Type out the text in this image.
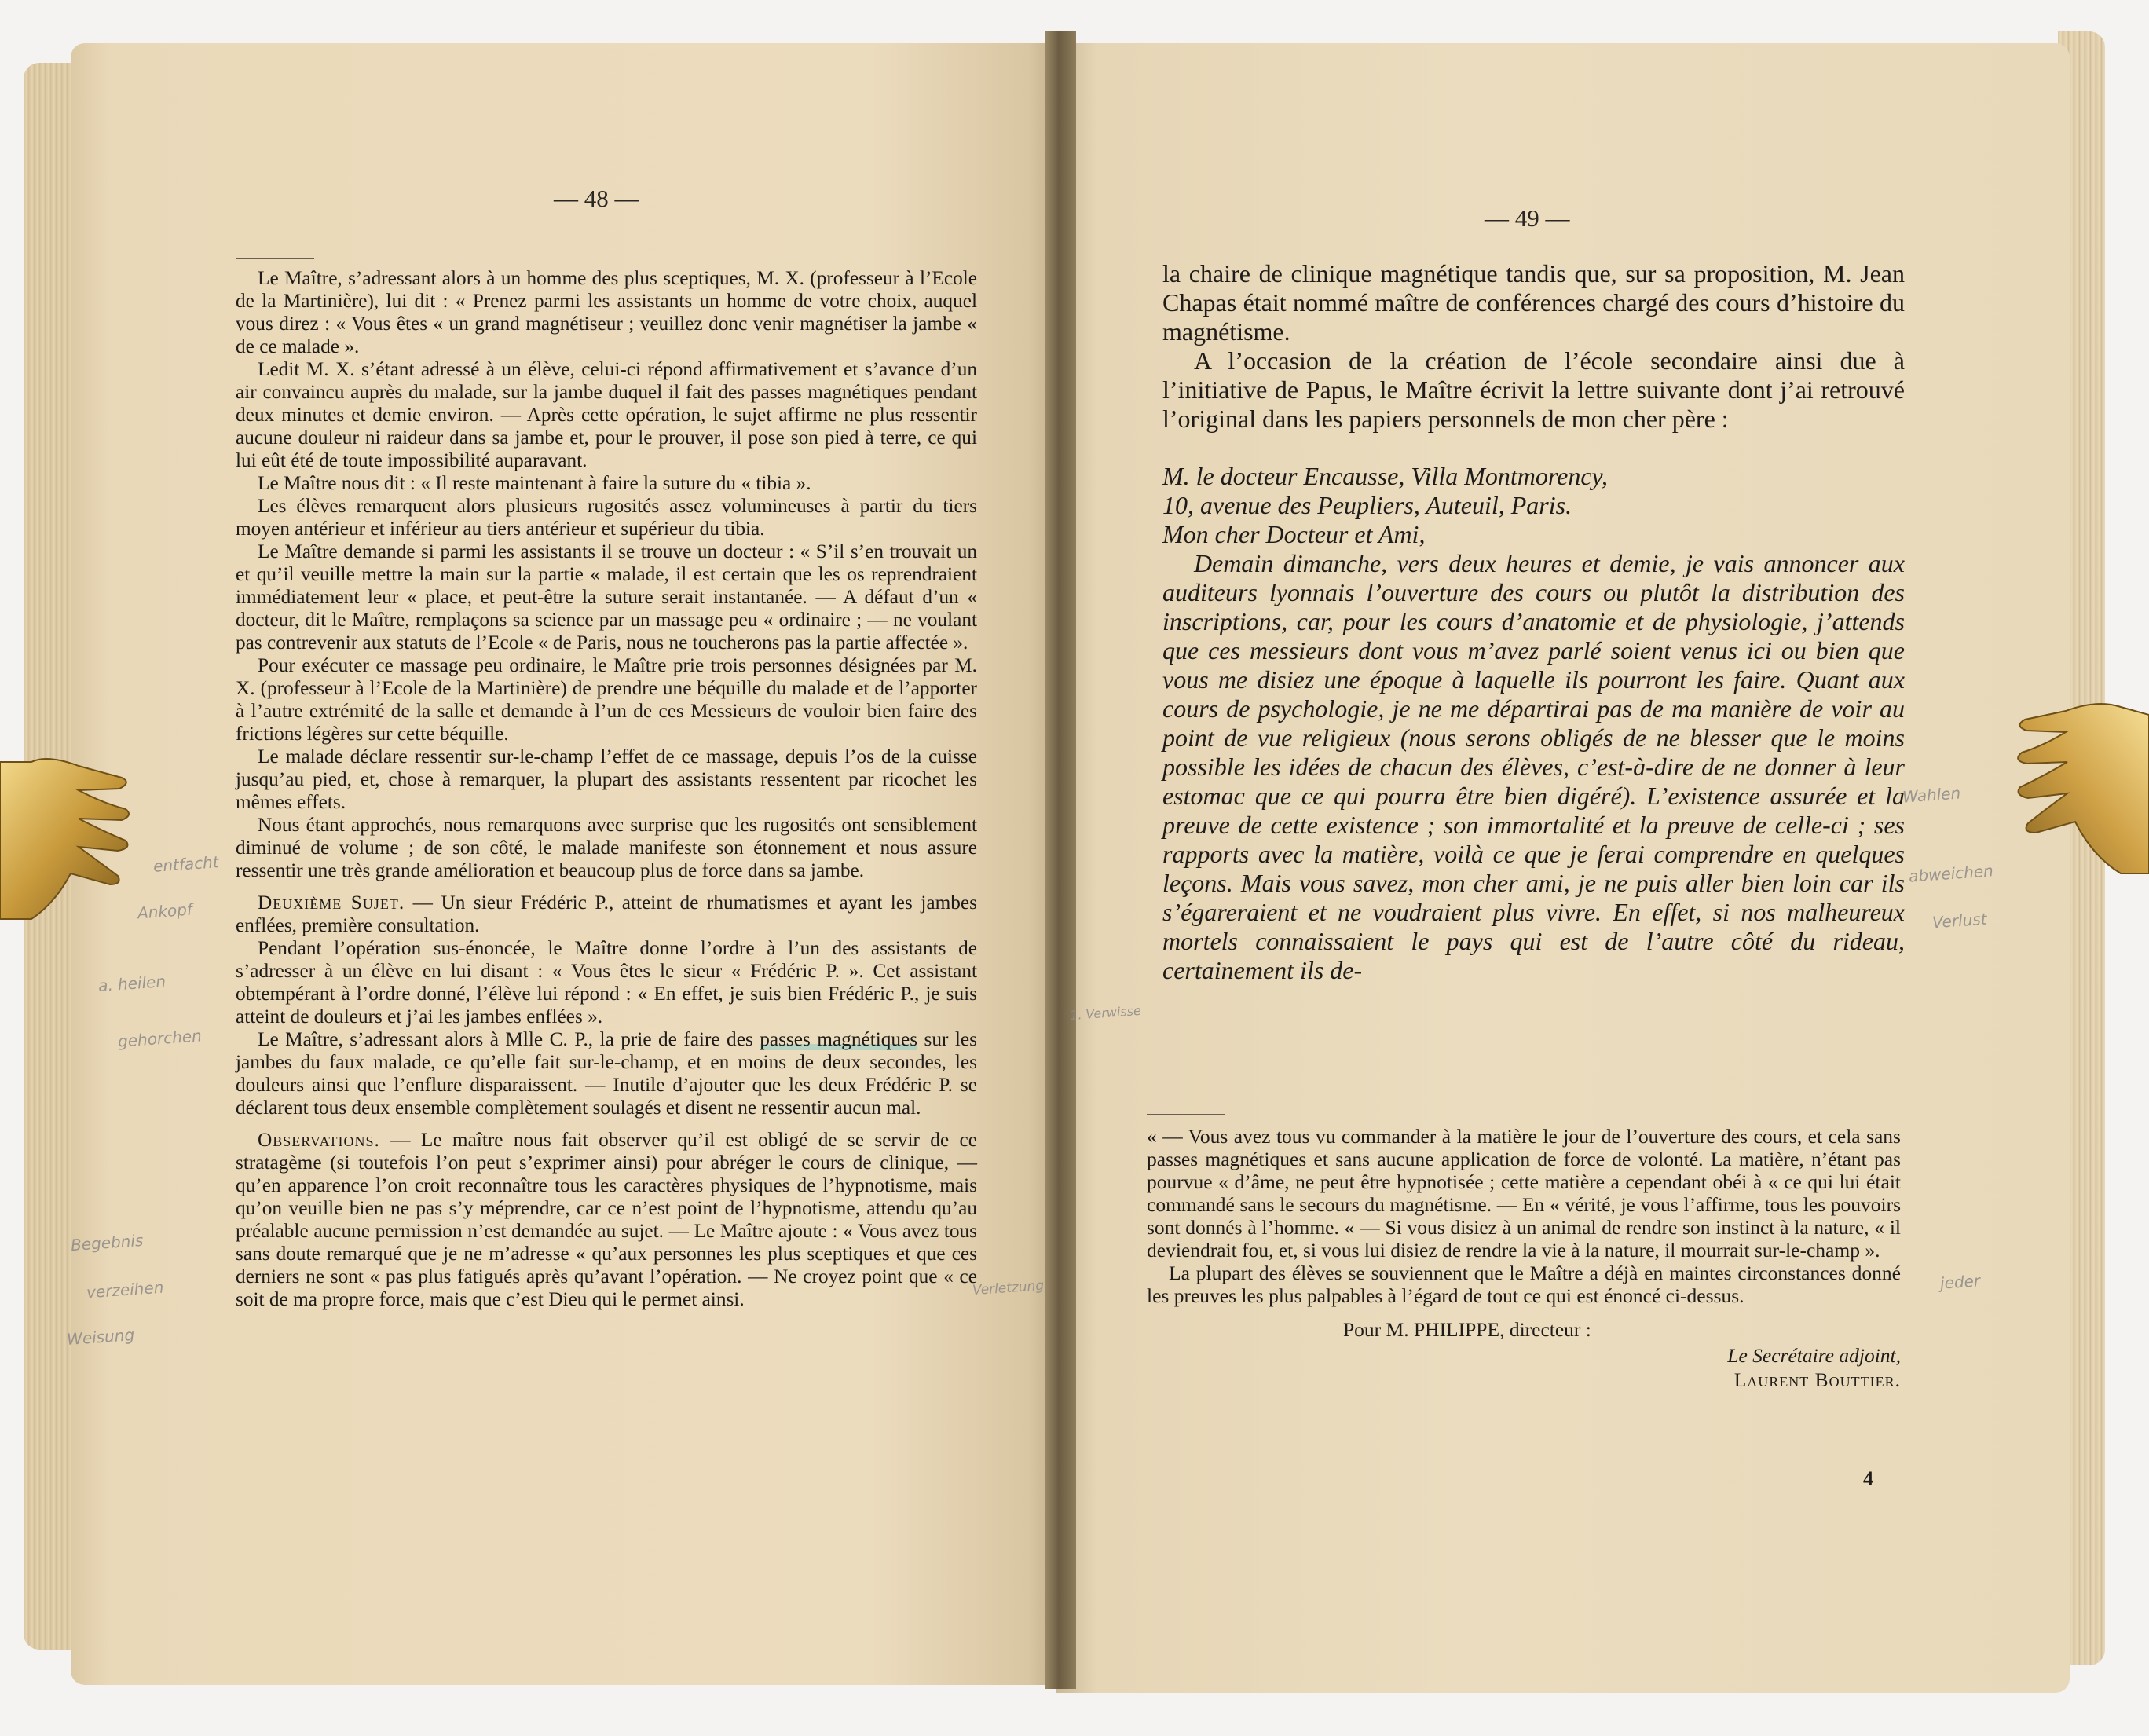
— 48 —

Le Maître, s’adressant alors à un homme des plus sceptiques, M. X. (professeur à l’Ecole de la Martinière), lui dit : « Prenez parmi les assistants un homme de votre choix, auquel vous direz : « Vous êtes « un grand magnétiseur ; veuillez donc venir magnétiser la jambe « de ce malade ».

Ledit M. X. s’étant adressé à un élève, celui-ci répond affirmativement et s’avance d’un air convaincu auprès du malade, sur la jambe duquel il fait des passes magnétiques pendant deux minutes et demie environ. — Après cette opération, le sujet affirme ne plus ressentir aucune douleur ni raideur dans sa jambe et, pour le prouver, il pose son pied à terre, ce qui lui eût été de toute impossibilité auparavant.

Le Maître nous dit : « Il reste maintenant à faire la suture du « tibia ».

Les élèves remarquent alors plusieurs rugosités assez volumineuses à partir du tiers moyen antérieur et inférieur au tiers antérieur et supérieur du tibia.

Le Maître demande si parmi les assistants il se trouve un docteur : « S’il s’en trouvait un et qu’il veuille mettre la main sur la partie « malade, il est certain que les os reprendraient immédiatement leur « place, et peut-être la suture serait instantanée. — A défaut d’un « docteur, dit le Maître, remplaçons sa science par un massage peu « ordinaire ; — ne voulant pas contrevenir aux statuts de l’Ecole « de Paris, nous ne toucherons pas la partie affectée ».

Pour exécuter ce massage peu ordinaire, le Maître prie trois personnes désignées par M. X. (professeur à l’Ecole de la Martinière) de prendre une béquille du malade et de l’apporter à l’autre extrémité de la salle et demande à l’un de ces Messieurs de vouloir bien faire des frictions légères sur cette béquille.

Le malade déclare ressentir sur-le-champ l’effet de ce massage, depuis l’os de la cuisse jusqu’au pied, et, chose à remarquer, la plupart des assistants ressentent par ricochet les mêmes effets.

Nous étant approchés, nous remarquons avec surprise que les rugosités ont sensiblement diminué de volume ; de son côté, le malade manifeste son étonnement et nous assure ressentir une très grande amélioration et beaucoup plus de force dans sa jambe.

Deuxième Sujet. — Un sieur Frédéric P., atteint de rhumatismes et ayant les jambes enflées, première consultation.

Pendant l’opération sus-énoncée, le Maître donne l’ordre à l’un des assistants de s’adresser à un élève en lui disant : « Vous êtes le sieur « Frédéric P. ». Cet assistant obtempérant à l’ordre donné, l’élève lui répond : « En effet, je suis bien Frédéric P., je suis atteint de douleurs et j’ai les jambes enflées ».

Le Maître, s’adressant alors à Mlle C. P., la prie de faire des passes magnétiques sur les jambes du faux malade, ce qu’elle fait sur-le-champ, et en moins de deux secondes, les douleurs ainsi que l’enflure disparaissent. — Inutile d’ajouter que les deux Frédéric P. se déclarent tous deux ensemble complètement soulagés et disent ne ressentir aucun mal.

Observations. — Le maître nous fait observer qu’il est obligé de se servir de ce stratagème (si toutefois l’on peut s’exprimer ainsi) pour abréger le cours de clinique, — qu’en apparence l’on croit reconnaître tous les caractères physiques de l’hypnotisme, mais qu’on veuille bien ne pas s’y méprendre, car ce n’est point de l’hypnotisme, attendu qu’au préalable aucune permission n’est demandée au sujet. — Le Maître ajoute : « Vous avez tous sans doute remarqué que je ne m’adresse « qu’aux personnes les plus sceptiques et que ces derniers ne sont « pas plus fatigués après qu’avant l’opération. — Ne croyez point que « ce soit de ma propre force, mais que c’est Dieu qui le permet ainsi.

— 49 —

la chaire de clinique magnétique tandis que, sur sa proposition, M. Jean Chapas était nommé maître de conférences chargé des cours d’histoire du magnétisme.

A l’occasion de la création de l’école secondaire ainsi due à l’initiative de Papus, le Maître écrivit la lettre suivante dont j’ai retrouvé l’original dans les papiers personnels de mon cher père :

M. le docteur Encausse, Villa Montmorency,

10, avenue des Peupliers, Auteuil, Paris.

Mon cher Docteur et Ami,

Demain dimanche, vers deux heures et demie, je vais annoncer aux auditeurs lyonnais l’ouverture des cours ou plutôt la distribution des inscriptions, car, pour les cours d’anatomie et de physiologie, j’attends que ces messieurs dont vous m’avez parlé soient venus ici ou bien que vous me disiez une époque à laquelle ils pourront les faire. Quant aux cours de psychologie, je ne me départirai pas de ma manière de voir au point de vue religieux (nous serons obligés de ne blesser que le moins possible les idées de chacun des élèves, c’est-à-dire de ne donner à leur estomac que ce qui pourra être bien digéré). L’existence assurée et la preuve de cette existence ; son immortalité et la preuve de celle-ci ; ses rapports avec la matière, voilà ce que je ferai comprendre en quelques leçons. Mais vous savez, mon cher ami, je ne puis aller bien loin car ils s’égareraient et ne voudraient plus vivre. En effet, si nos malheureux mortels connaissaient le pays qui est de l’autre côté du rideau, certainement ils de-

« — Vous avez tous vu commander à la matière le jour de l’ouverture des cours, et cela sans passes magnétiques et sans aucune application de force de volonté. La matière, n’étant pas pourvue « d’âme, ne peut être hypnotisée ; cette matière a cependant obéi à « ce qui lui était commandé sans le secours du magnétisme. — En « vérité, je vous l’affirme, tous les pouvoirs sont donnés à l’homme. « — Si vous disiez à un animal de rendre son instinct à la nature, « il deviendrait fou, et, si vous lui disiez de rendre la vie à la nature, il mourrait sur-le-champ ».

La plupart des élèves se souviennent que le Maître a déjà en maintes circonstances donné les preuves les plus palpables à l’égard de tout ce qui est énoncé ci-dessus.

Pour M. PHILIPPE, directeur :

Le Secrétaire adjoint,

Laurent Bouttier.

4
entfacht
Ankopf
a. heilen
gehorchen
Begebnis
verzeihen
Weisung
Verletzung
1. Verwisse
Wahlen
abweichen
Verlust
jeder
